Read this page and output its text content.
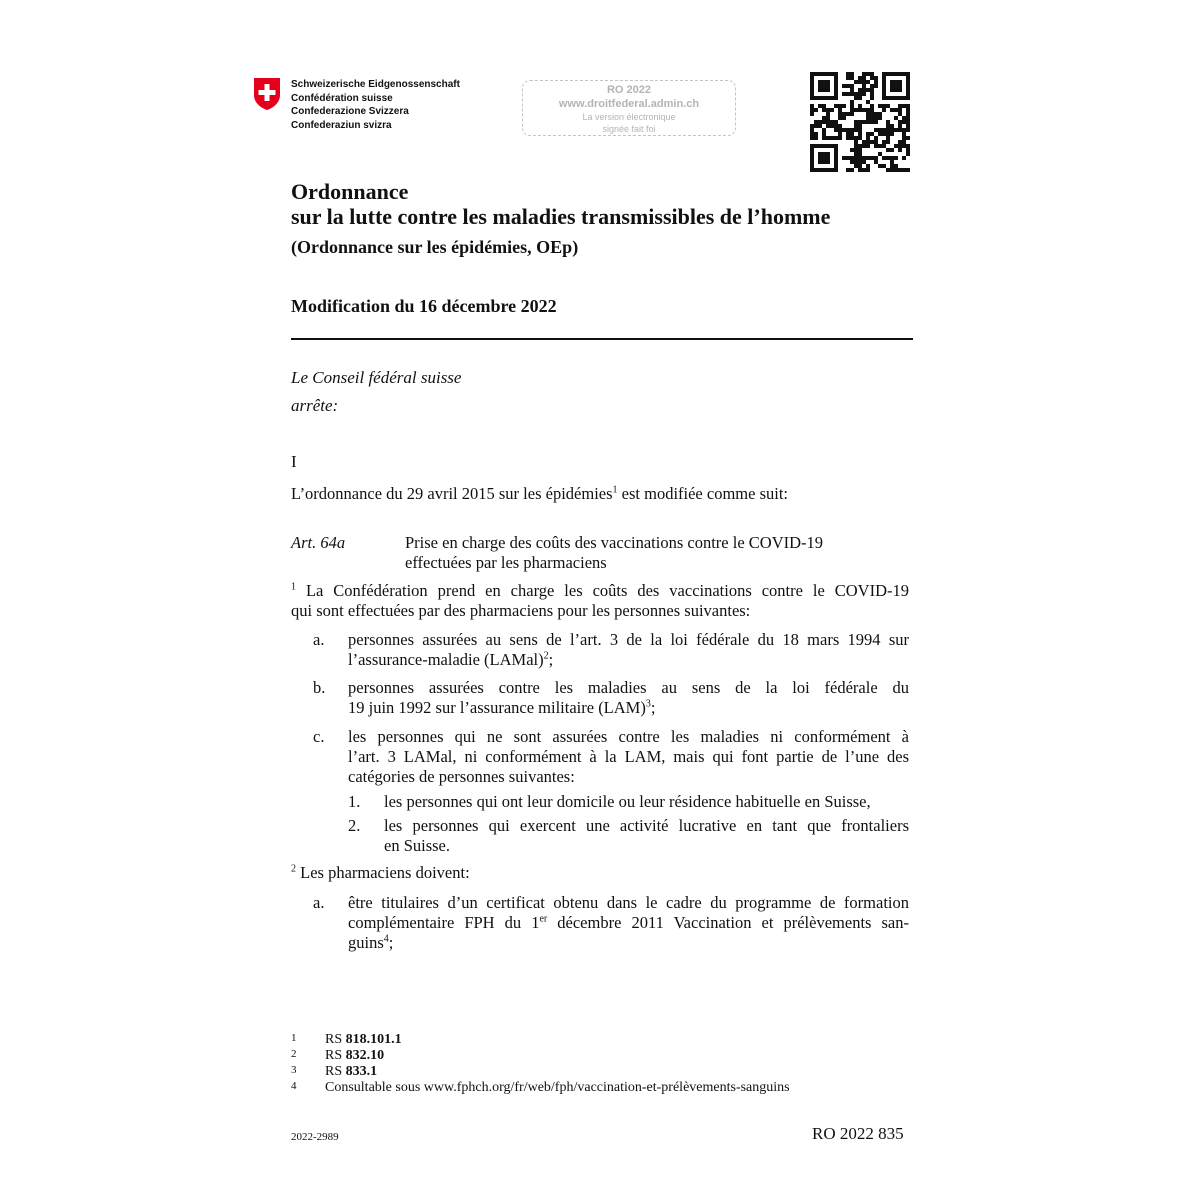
Schweizerische Eidgenossenschaft
Confédération suisse
Confederazione Svizzera
Confederaziun svizra
RO 2022
www.droitfederal.admin.ch
La version électronique
signée fait foi
Ordonnance
sur la lutte contre les maladies transmissibles de l’homme
(Ordonnance sur les épidémies, OEp)
Modification du 16 décembre 2022
Le Conseil fédéral suisse
arrête:
I
L’ordonnance du 29 avril 2015 sur les épidémies$^1$ est modifiée comme suit:
Art. 64a	Prise en charge des coûts des vaccinations contre le COVID-19
effectuées par les pharmaciens
$^1$ La Confédération prend en charge les coûts des vaccinations contre le COVID-19
qui sont effectuées par des pharmaciens pour les personnes suivantes:
a. personnes assurées au sens de l’art. 3 de la loi fédérale du 18 mars 1994 sur
l’assurance-maladie (LAMal)$^2$;
b. personnes assurées contre les maladies au sens de la loi fédérale du
19 juin 1992 sur l’assurance militaire (LAM)$^3$;
c. les personnes qui ne sont assurées contre les maladies ni conformément à
l’art. 3 LAMal, ni conformément à la LAM, mais qui font partie de l’une des
catégories de personnes suivantes:
1. les personnes qui ont leur domicile ou leur résidence habituelle en Suisse,
2. les personnes qui exercent une activité lucrative en tant que frontaliers
en Suisse.
$^2$ Les pharmaciens doivent:
a. être titulaires d’un certificat obtenu dans le cadre du programme de formation
complémentaire FPH du 1er décembre 2011 Vaccination et prélèvements san-
guins$^4$;
1 RS 818.101.1
2 RS 832.10
3 RS 833.1
4 Consultable sous www.fphch.org/fr/web/fph/vaccination-et-prélèvements-sanguins
2022-2989	RO 2022 835
